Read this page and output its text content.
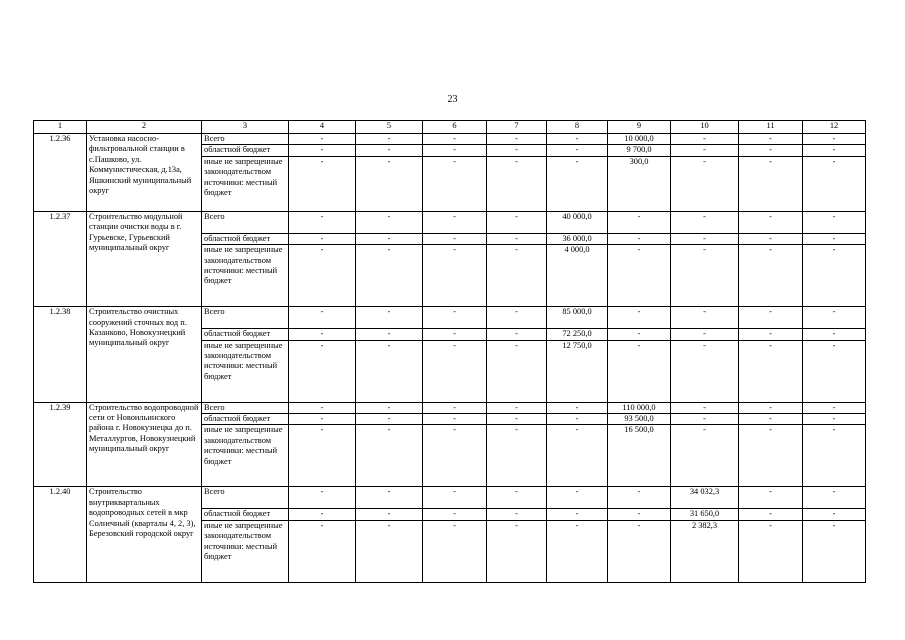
23
1	2	3	4	5	6	7	8	9	10	11	12
1.2.36	Установка насосно-фильтровальной станции в с.Пашково, ул. Коммунистическая, д.13а, Яшкинский муниципальный округ	Всего	-	-	-	-	-	10 000,0	-	-	-
		областной бюджет	-	-	-	-	-	9 700,0	-	-	-
		иные не запрещенные законодательством источники: местный бюджет	-	-	-	-	-	300,0	-	-	-
1.2.37	Строительство модульной станции очистки воды в г. Гурьевске, Гурьевский муниципальный округ	Всего	-	-	-	-	40 000,0	-	-	-	-
		областной бюджет	-	-	-	-	36 000,0	-	-	-	-
		иные не запрещенные законодательством источники: местный бюджет	-	-	-	-	4 000,0	-	-	-	-
1.2.38	Строительство очистных сооружений сточных вод п. Казанково, Новокузнецкий муниципальный округ	Всего	-	-	-	-	85 000,0	-	-	-	-
		областной бюджет	-	-	-	-	72 250,0	-	-	-	-
		иные не запрещенные законодательством источники: местный бюджет	-	-	-	-	12 750,0	-	-	-	-
1.2.39	Строительство водопроводной сети от Новоильинского района г. Новокузнецка до п. Металлургов, Новокузнецкий муниципальный округ	Всего	-	-	-	-	-	110 000,0	-	-	-
		областной бюджет	-	-	-	-	-	93 500,0	-	-	-
		иные не запрещенные законодательством источники: местный бюджет	-	-	-	-	-	16 500,0	-	-	-
1.2.40	Строительство внутриквартальных водопроводных сетей в мкр Солнечный (кварталы 4, 2, 3), Березовский городской округ	Всего	-	-	-	-	-	-	34 032,3	-	-
		областной бюджет	-	-	-	-	-	-	31 650,0	-	-
		иные не запрещенные законодательством источники: местный бюджет	-	-	-	-	-	-	2 382,3	-	-
